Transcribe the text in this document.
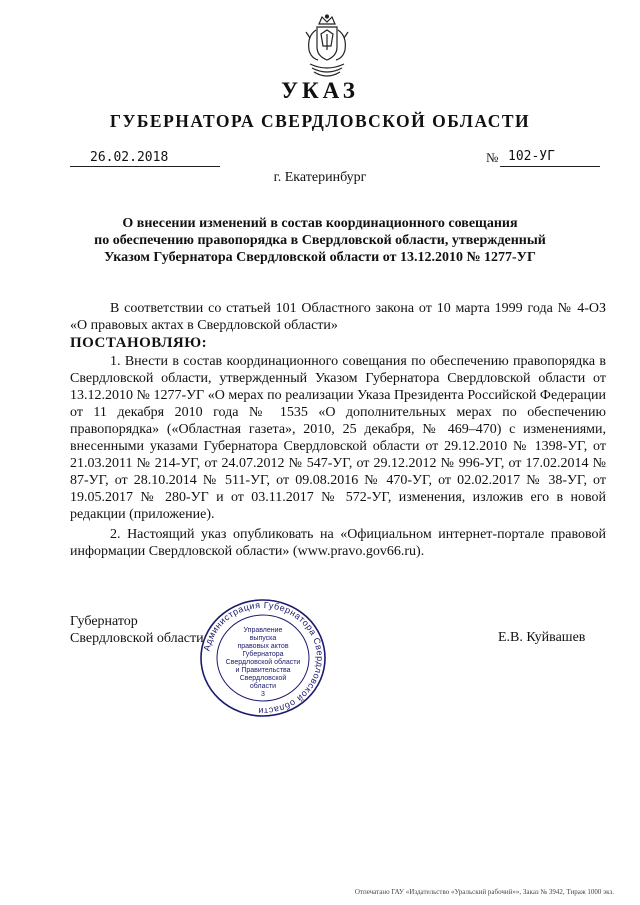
УКАЗ
ГУБЕРНАТОРА СВЕРДЛОВСКОЙ ОБЛАСТИ
26.02.2018	№ 102-УГ
г. Екатеринбург
О внесении изменений в состав координационного совещания
по обеспечению правопорядка в Свердловской области, утвержденный
Указом Губернатора Свердловской области от 13.12.2010 № 1277-УГ
В соответствии со статьей 101 Областного закона от 10 марта 1999 года № 4-ОЗ «О правовых актах в Свердловской области»
ПОСТАНОВЛЯЮ:

1. Внести в состав координационного совещания по обеспечению правопорядка в Свердловской области, утвержденный Указом Губернатора Свердловской области от 13.12.2010 № 1277-УГ «О мерах по реализации Указа Президента Российской Федерации от 11 декабря 2010 года № 1535 «О дополнительных мерах по обеспечению правопорядка» («Областная газета», 2010, 25 декабря, № 469–470) с изменениями, внесенными указами Губернатора Свердловской области от 29.12.2010 № 1398-УГ, от 21.03.2011 № 214-УГ, от 24.07.2012 № 547-УГ, от 29.12.2012 № 996-УГ, от 17.02.2014 № 87-УГ, от 28.10.2014 № 511-УГ, от 09.08.2016 № 470-УГ, от 02.02.2017 № 38-УГ, от 19.05.2017 № 280-УГ и от 03.11.2017 № 572-УГ, изменения, изложив его в новой редакции (приложение).

2. Настоящий указ опубликовать на «Официальном интернет-портале правовой информации Свердловской области» (www.pravo.gov66.ru).

Губернатор
Свердловской области	Е.В. Куйвашев
Администрация Губернатора Свердловской области
Управление
выпуска
правовых актов
Губернатора
Свердловской области
и Правительства
Свердловской
области
3
Отпечатано ГАУ «Издательство «Уральский рабочий»», Заказ № 3942, Тираж 1000 экз.
